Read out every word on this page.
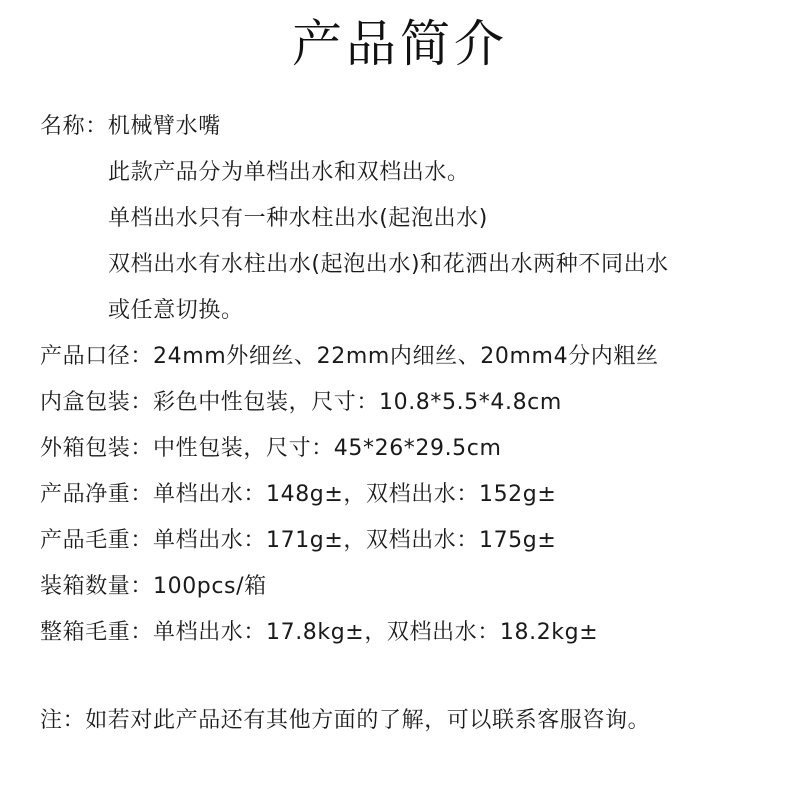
产品简介
名称：机械臂水嘴
此款产品分为单档出水和双档出水。
单档出水只有一种水柱出水(起泡出水)
双档出水有水柱出水(起泡出水)和花洒出水两种不同出水
或任意切换。
产品口径：24mm外细丝、22mm内细丝、20mm4分内粗丝
内盒包装：彩色中性包装，尺寸：10.8*5.5*4.8cm
外箱包装：中性包装，尺寸：45*26*29.5cm
产品净重：单档出水：148g±，双档出水：152g±
产品毛重：单档出水：171g±，双档出水：175g±
装箱数量：100pcs/箱
整箱毛重：单档出水：17.8kg±，双档出水：18.2kg±
注：如若对此产品还有其他方面的了解，可以联系客服咨询。
